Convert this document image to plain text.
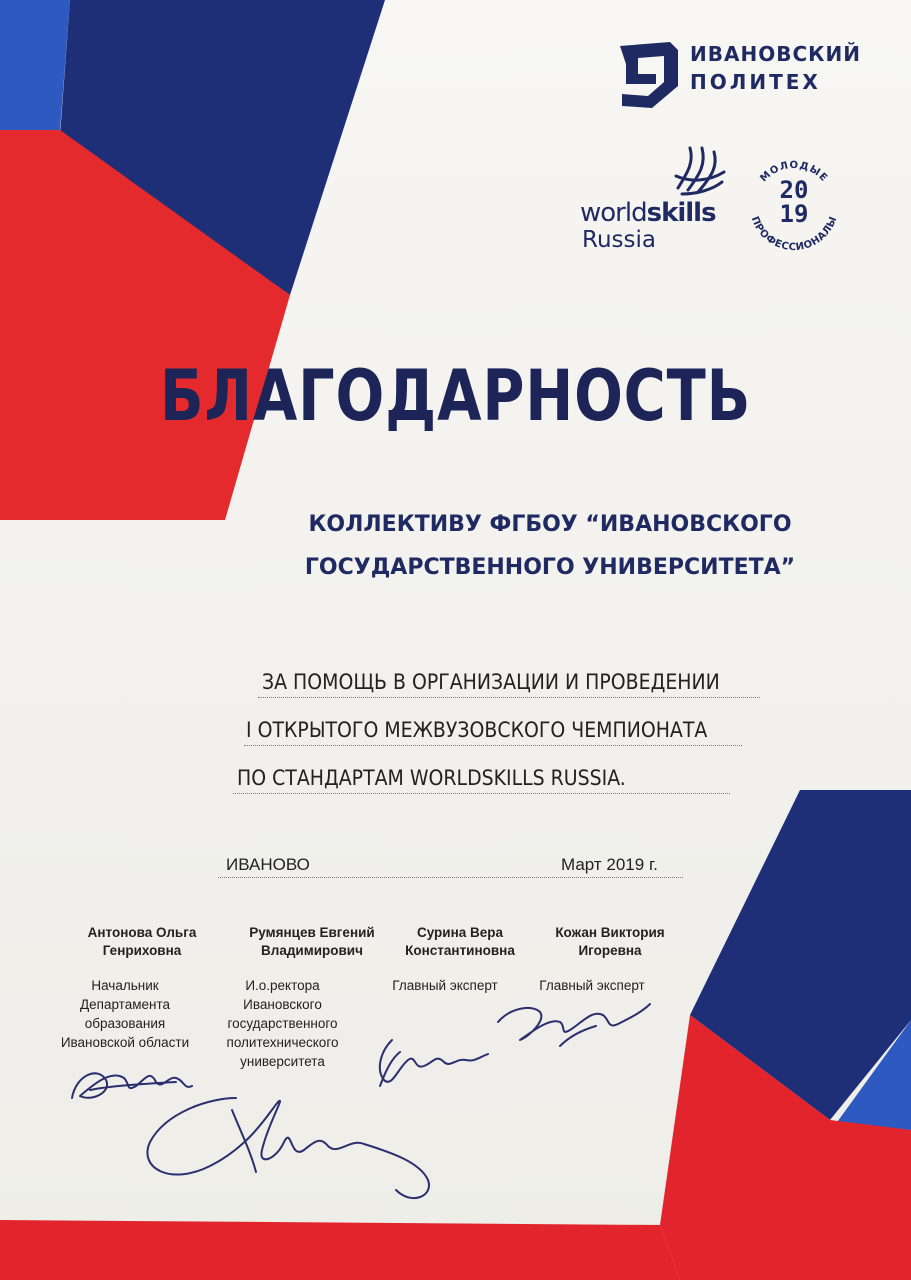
ИВАНОВСКИЙ
ПОЛИТЕХ
worldskills
Russia
МОЛОДЫЕ
ПРОФЕССИОНАЛЫ
20
19
БЛАГОДАРНОСТЬ
КОЛЛЕКТИВУ ФГБОУ “ИВАНОВСКОГО
ГОСУДАРСТВЕННОГО УНИВЕРСИТЕТА”
ЗА ПОМОЩЬ В ОРГАНИЗАЦИИ И ПРОВЕДЕНИИ
I ОТКРЫТОГО МЕЖВУЗОВСКОГО ЧЕМПИОНАТА
ПО СТАНДАРТАМ WORLDSKILLS RUSSIA.
ИВАНОВО	Март 2019 г.
Антонова Ольга
Генриховна
Начальник
Департамента
образования
Ивановской области
Румянцев Евгений
Владимирович
И.о.ректора
Ивановского
государственного
политехнического
университета
Сурина Вера
Константиновна
Главный эксперт
Кожан Виктория
Игоревна
Главный эксперт
